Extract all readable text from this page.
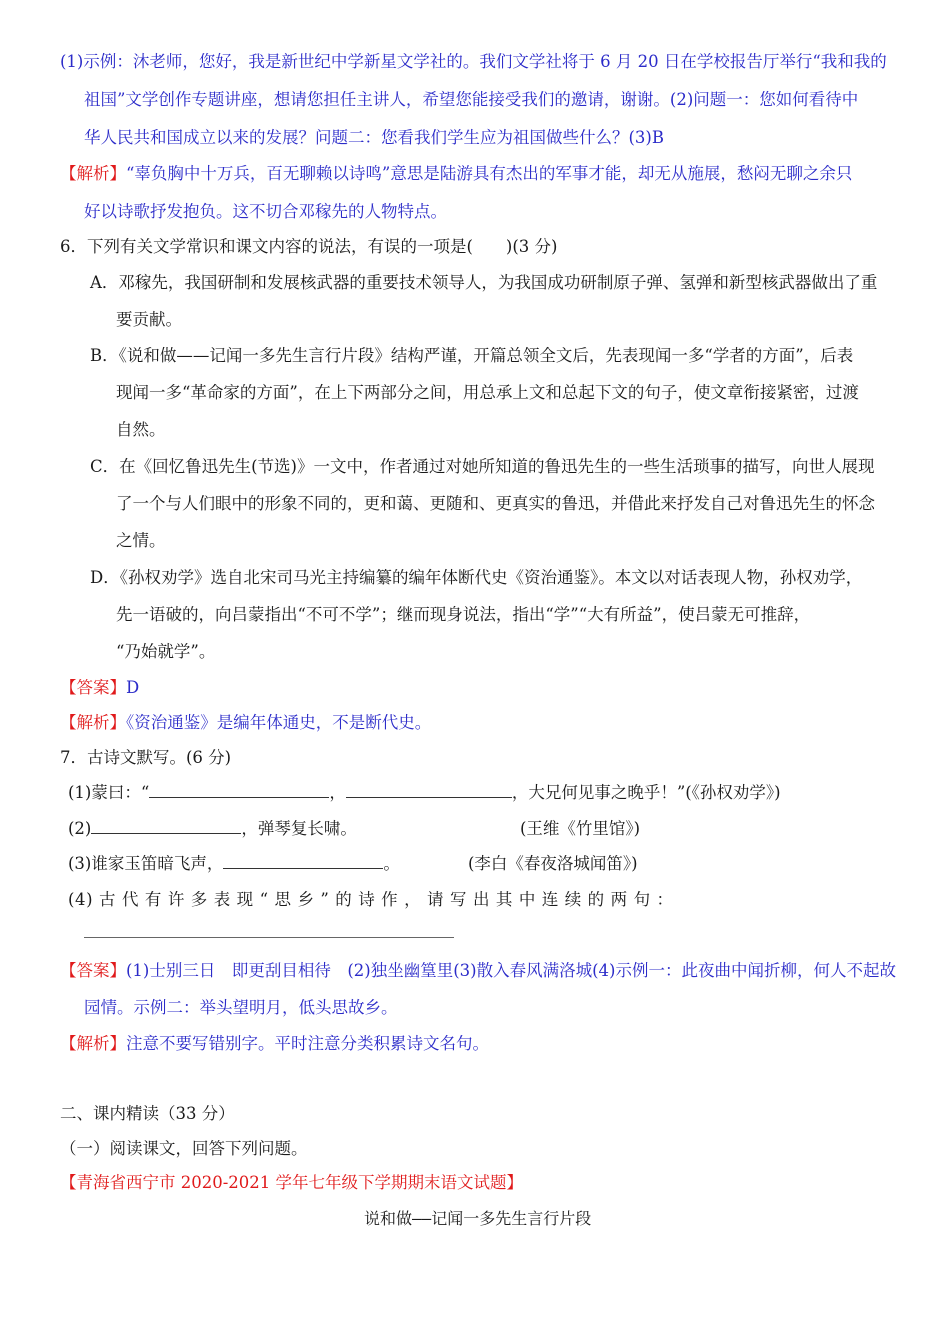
(1)示例：沐老师，您好，我是新世纪中学新星文学社的。我们文学社将于 6 月 20 日在学校报告厅举行“我和我的
祖国”文学创作专题讲座，想请您担任主讲人，希望您能接受我们的邀请，谢谢。(2)问题一：您如何看待中
华人民共和国成立以来的发展？问题二：您看我们学生应为祖国做些什么？(3)B
【解析】“辜负胸中十万兵，百无聊赖以诗鸣”意思是陆游具有杰出的军事才能，却无从施展，愁闷无聊之余只
好以诗歌抒发抱负。这不切合邓稼先的人物特点。
6．下列有关文学常识和课文内容的说法，有误的一项是(　　)(3 分)
A．邓稼先，我国研制和发展核武器的重要技术领导人，为我国成功研制原子弹、氢弹和新型核武器做出了重
要贡献。
B．《说和做——记闻一多先生言行片段》结构严谨，开篇总领全文后，先表现闻一多“学者的方面”，后表
现闻一多“革命家的方面”，在上下两部分之间，用总承上文和总起下文的句子，使文章衔接紧密，过渡
自然。
C．在《回忆鲁迅先生(节选)》一文中，作者通过对她所知道的鲁迅先生的一些生活琐事的描写，向世人展现
了一个与人们眼中的形象不同的，更和蔼、更随和、更真实的鲁迅，并借此来抒发自己对鲁迅先生的怀念
之情。
D．《孙权劝学》选自北宋司马光主持编纂的编年体断代史《资治通鉴》。本文以对话表现人物，孙权劝学，
先一语破的，向吕蒙指出“不可不学”；继而现身说法，指出“学”“大有所益”，使吕蒙无可推辞，
“乃始就学”。
【答案】D
【解析】《资治通鉴》是编年体通史，不是断代史。
7．古诗文默写。(6 分)
(1)蒙曰：“	，	，大兄何见事之晚乎！”(《孙权劝学》)
(2)	，弹琴复长啸。	(王维《竹里馆》)
(3)谁家玉笛暗飞声，	。	(李白《春夜洛城闻笛》)
(4) 古 代 有 许 多 表 现 “ 思 乡 ” 的 诗 作 ， 请 写 出 其 中 连 续 的 两 句 ：
【答案】(1)士别三日　即更刮目相待　(2)独坐幽篁里(3)散入春风满洛城(4)示例一：此夜曲中闻折柳，何人不起故
园情。示例二：举头望明月，低头思故乡。
【解析】注意不要写错别字。平时注意分类积累诗文名句。
二、课内精读（33 分）
（一）阅读课文，回答下列问题。
【青海省西宁市 2020-2021 学年七年级下学期期末语文试题】
说和做——记闻一多先生言行片段
